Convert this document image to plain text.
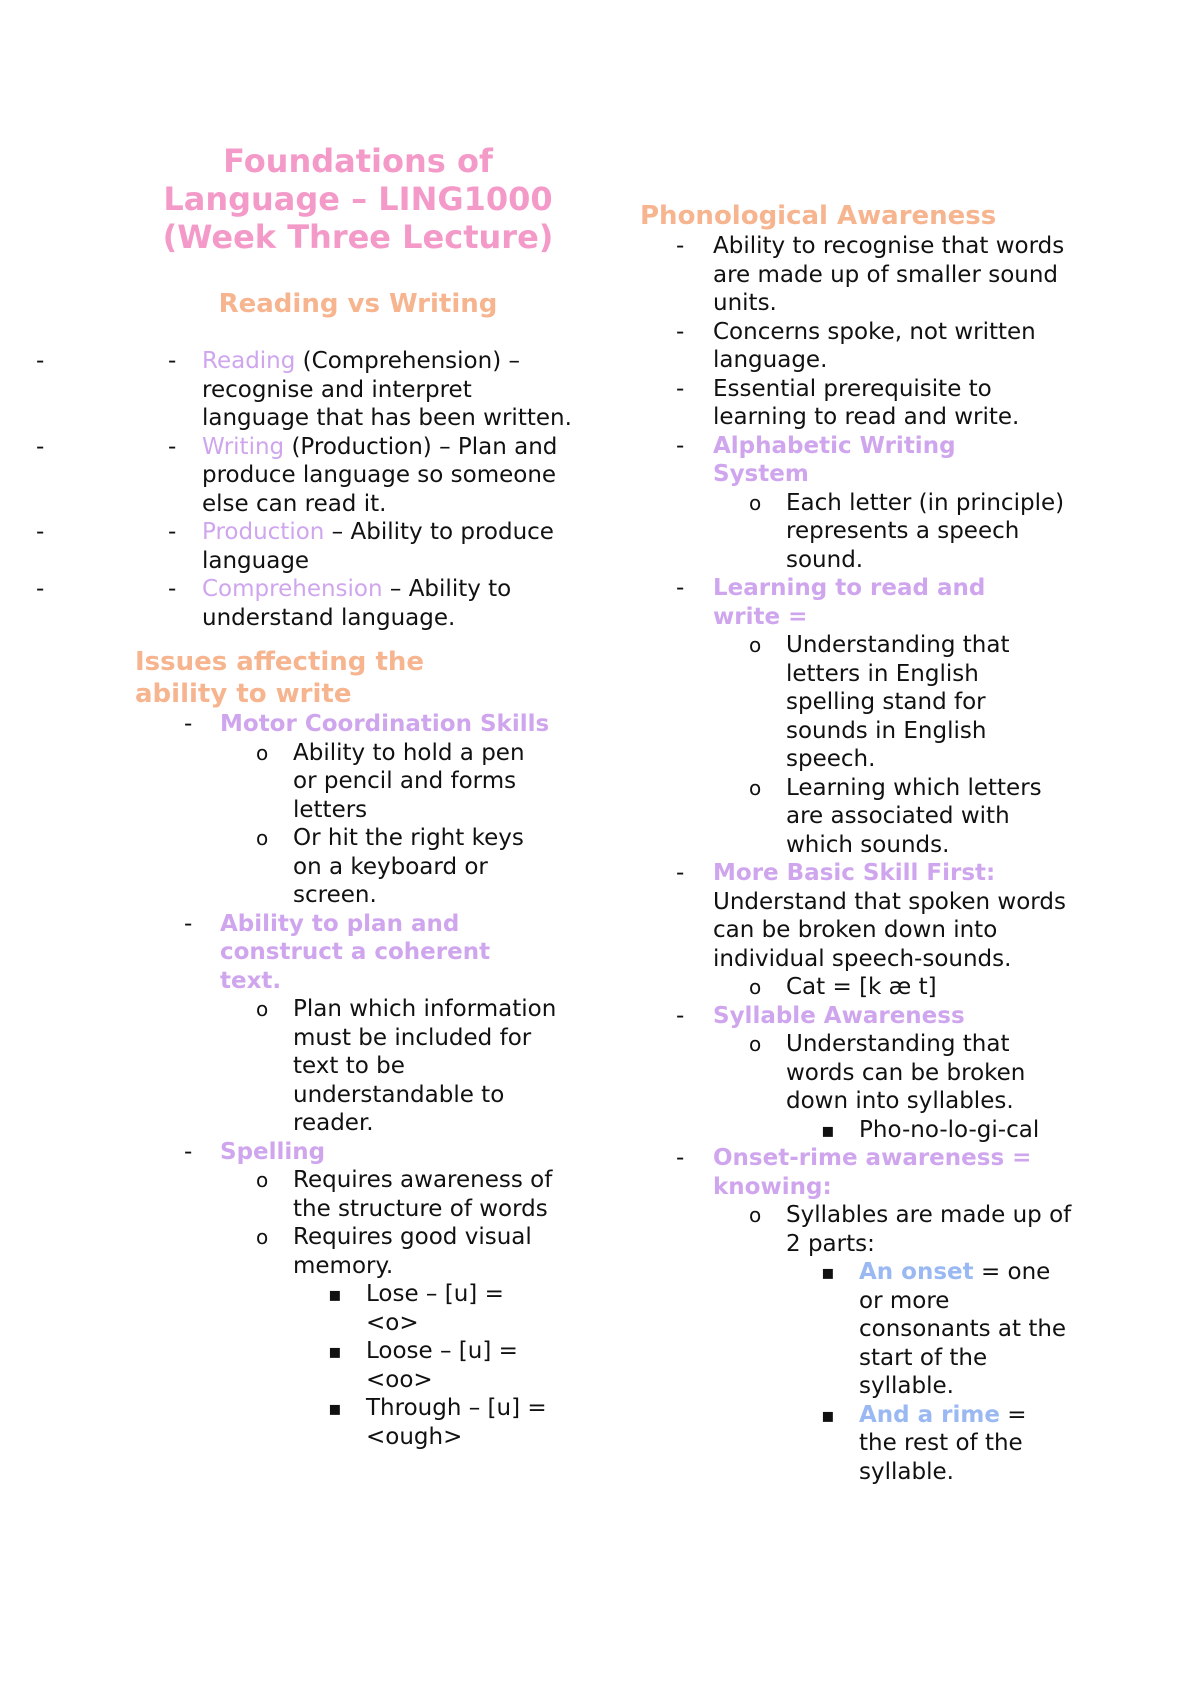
Foundations of
Language – LING1000
(Week Three Lecture)
Reading vs Writing
- - Reading (Comprehension) – recognise and interpret language that has been written.
- - Writing (Production) – Plan and produce language so someone else can read it.
- - Production – Ability to produce language
- - Comprehension – Ability to understand language.
Issues affecting the
ability to write
- Motor Coordination Skills
o Ability to hold a pen or pencil and forms letters
o Or hit the right keys on a keyboard or screen.
- Ability to plan and construct a coherent text.
o Plan which information must be included for text to be understandable to reader.
- Spelling
o Requires awareness of the structure of words
o Requires good visual memory.
▪ Lose – [u] = <o>
▪ Loose – [u] = <oo>
▪ Through – [u] = <ough>
Phonological Awareness
- Ability to recognise that words are made up of smaller sound units.
- Concerns spoke, not written language.
- Essential prerequisite to learning to read and write.
- Alphabetic Writing System
o Each letter (in principle) represents a speech sound.
- Learning to read and write =
o Understanding that letters in English spelling stand for sounds in English speech.
o Learning which letters are associated with which sounds.
- More Basic Skill First: Understand that spoken words can be broken down into individual speech-sounds.
o Cat = [k æ t]
- Syllable Awareness
o Understanding that words can be broken down into syllables.
▪ Pho-no-lo-gi-cal
- Onset-rime awareness = knowing:
o Syllables are made up of 2 parts:
▪ An onset = one or more consonants at the start of the syllable.
▪ And a rime = the rest of the syllable.
